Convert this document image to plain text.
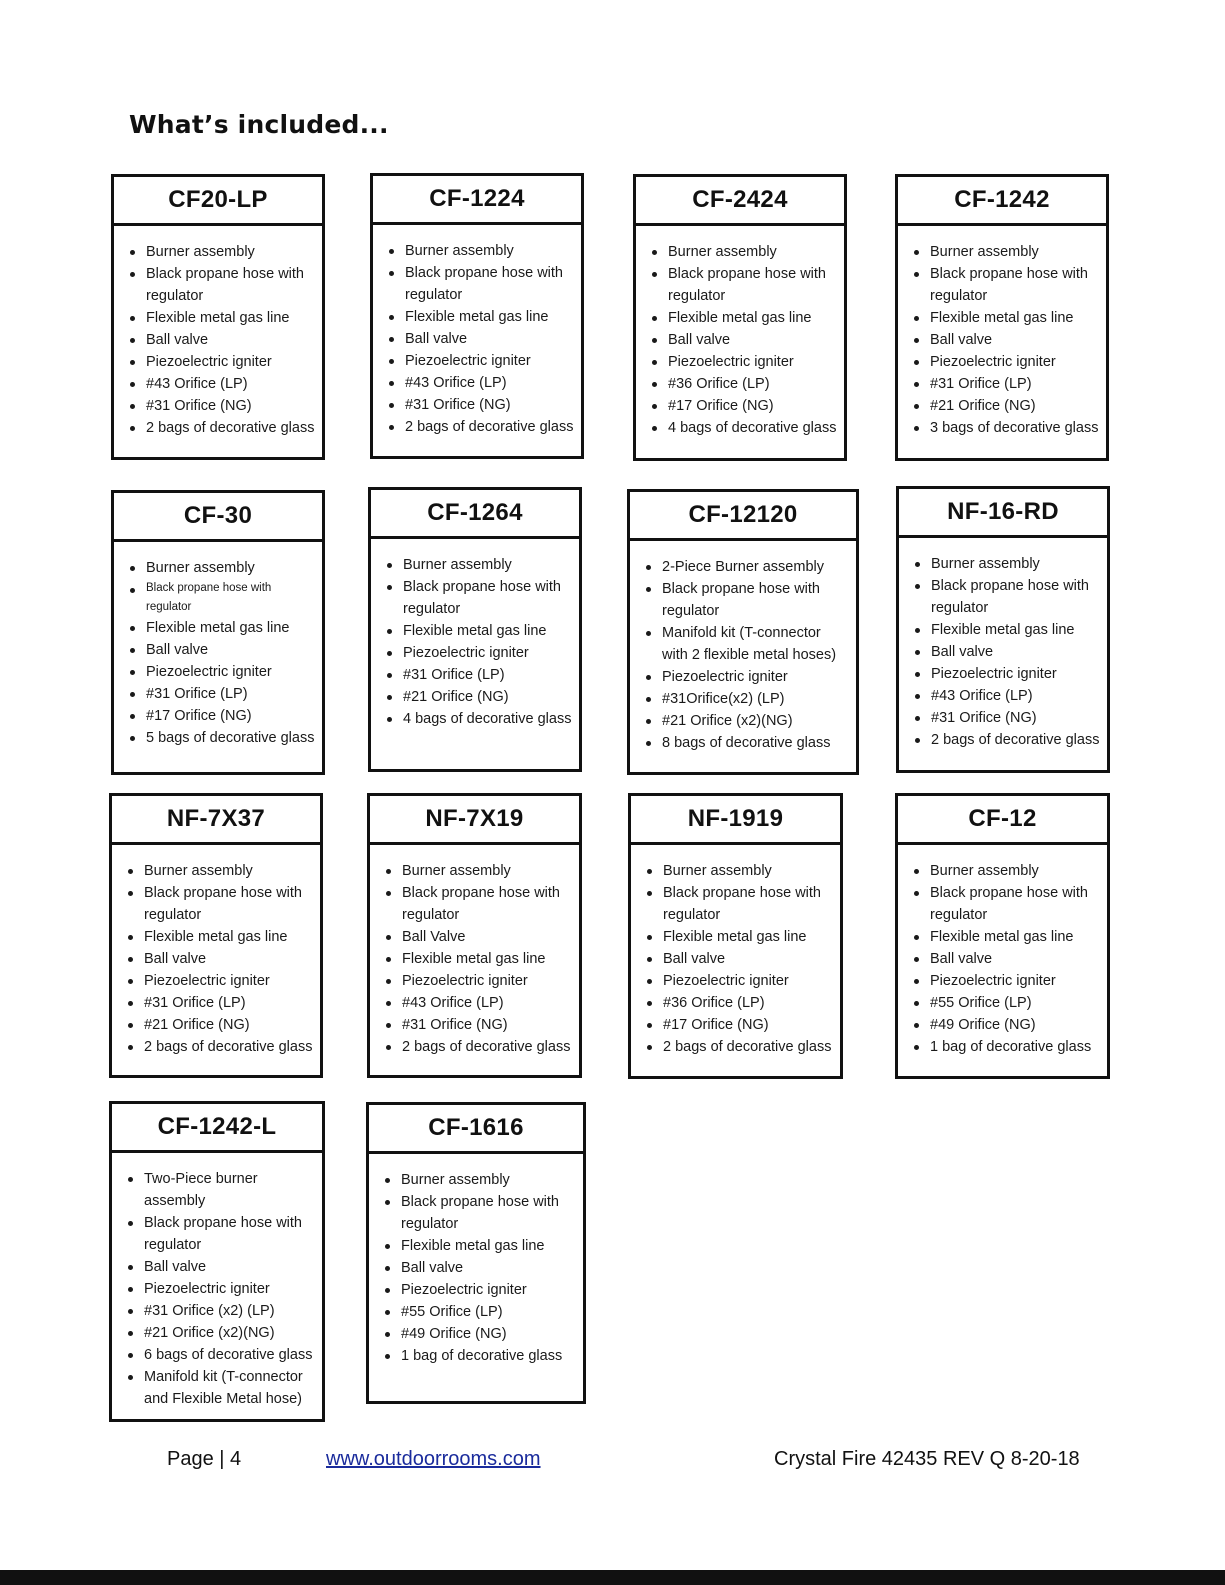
What’s included...
CF20-LP
Burner assembly
Black propane hose with regulator
Flexible metal gas line
Ball valve
Piezoelectric igniter
#43 Orifice (LP)
#31 Orifice (NG)
2 bags of decorative glass
CF-1224
Burner assembly
Black propane hose with regulator
Flexible metal gas line
Ball valve
Piezoelectric igniter
#43 Orifice (LP)
#31 Orifice (NG)
2 bags of decorative glass
CF-2424
Burner assembly
Black propane hose with regulator
Flexible metal gas line
Ball valve
Piezoelectric igniter
#36 Orifice (LP)
#17 Orifice (NG)
4 bags of decorative glass
CF-1242
Burner assembly
Black propane hose with regulator
Flexible metal gas line
Ball valve
Piezoelectric igniter
#31 Orifice (LP)
#21 Orifice (NG)
3 bags of decorative glass
CF-30
Burner assembly
Black propane hose with regulator
Flexible metal gas line
Ball valve
Piezoelectric igniter
#31 Orifice (LP)
#17 Orifice (NG)
5 bags of decorative glass
CF-1264
Burner assembly
Black propane hose with regulator
Flexible metal gas line
Piezoelectric igniter
#31 Orifice (LP)
#21 Orifice (NG)
4 bags of decorative glass
CF-12120
2-Piece Burner assembly
Black propane hose with regulator
Manifold kit (T-connector with 2 flexible metal hoses)
Piezoelectric igniter
#31Orifice(x2) (LP)
#21 Orifice (x2)(NG)
8 bags of decorative glass
NF-16-RD
Burner assembly
Black propane hose with regulator
Flexible metal gas line
Ball valve
Piezoelectric igniter
#43 Orifice (LP)
#31 Orifice (NG)
2 bags of decorative glass
NF-7X37
Burner assembly
Black propane hose with regulator
Flexible metal gas line
Ball valve
Piezoelectric igniter
#31 Orifice (LP)
#21 Orifice (NG)
2 bags of decorative glass
NF-7X19
Burner assembly
Black propane hose with regulator
Ball Valve
Flexible metal gas line
Piezoelectric igniter
#43 Orifice (LP)
#31 Orifice (NG)
2 bags of decorative glass
NF-1919
Burner assembly
Black propane hose with regulator
Flexible metal gas line
Ball valve
Piezoelectric igniter
#36 Orifice (LP)
#17 Orifice (NG)
2 bags of decorative glass
CF-12
Burner assembly
Black propane hose with regulator
Flexible metal gas line
Ball valve
Piezoelectric igniter
#55 Orifice (LP)
#49 Orifice (NG)
1 bag of decorative glass
CF-1242-L
Two-Piece burner assembly
Black propane hose with regulator
Ball valve
Piezoelectric igniter
#31 Orifice (x2) (LP)
#21 Orifice (x2)(NG)
6 bags of decorative glass
Manifold kit (T-connector and Flexible Metal hose)
CF-1616
Burner assembly
Black propane hose with regulator
Flexible metal gas line
Ball valve
Piezoelectric igniter
#55 Orifice (LP)
#49 Orifice (NG)
1 bag of decorative glass
Page | 4	www.outdoorrooms.com	Crystal Fire 42435 REV Q 8-20-18
